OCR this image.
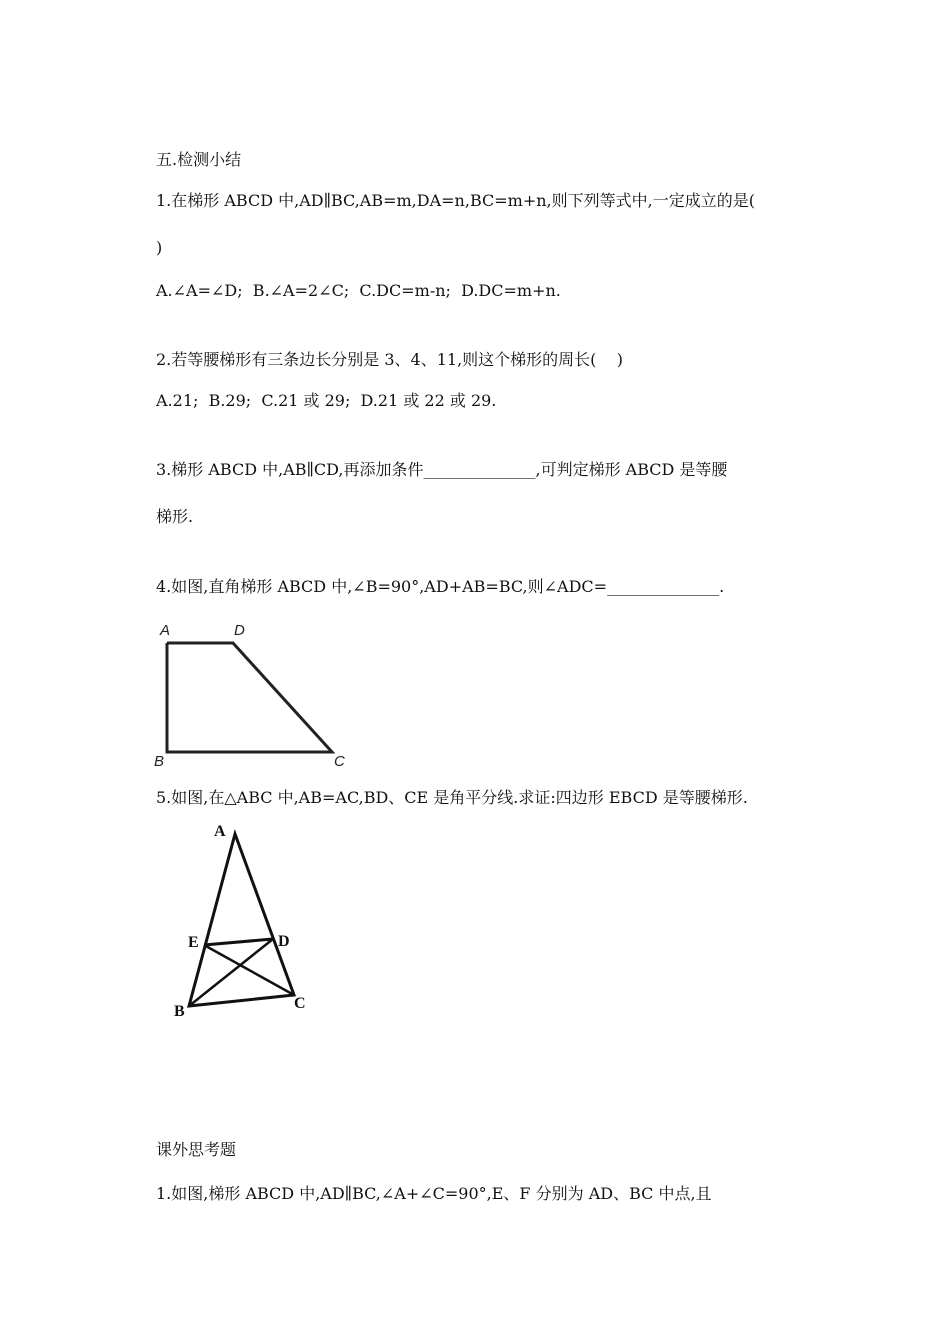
五.检测小结
1.在梯形 ABCD 中,AD∥BC,AB=m,DA=n,BC=m+n,则下列等式中,一定成立的是(
)
A.∠A=∠D;  B.∠A=2∠C;  C.DC=m-n;  D.DC=m+n.
2.若等腰梯形有三条边长分别是 3、4、11,则这个梯形的周长(    )
A.21;  B.29;  C.21 或 29;  D.21 或 22 或 29.
3.梯形 ABCD 中,AB∥CD,再添加条件______________,可判定梯形 ABCD 是等腰
梯形.
4.如图,直角梯形 ABCD 中,∠B=90°,AD+AB=BC,则∠ADC=______________.
A	D
B	C
5.如图,在△ABC 中,AB=AC,BD、CE 是角平分线.求证:四边形 EBCD 是等腰梯形.
A
E	D
B	C
课外思考题
1.如图,梯形 ABCD 中,AD∥BC,∠A+∠C=90°,E、F 分别为 AD、BC 中点,且
